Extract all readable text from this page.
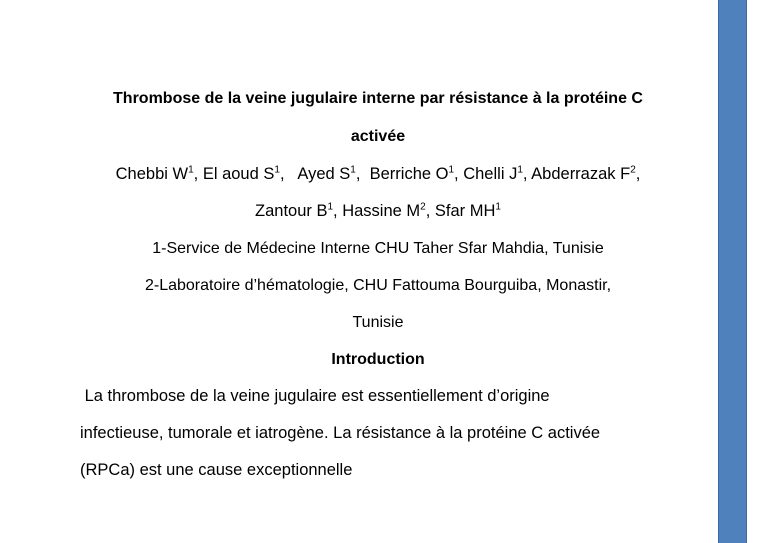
Thrombose de la veine jugulaire interne par résistance à la protéine C
activée

Chebbi $W^1$, El aoud $S^1$,   Ayed $S^1$,  Berriche $O^1$, Chelli $J^1$, Abderrazak $F^2$,
Zantour $B^1$, Hassine $M^2$, Sfar $MH^1$

1-Service de Médecine Interne CHU Taher Sfar Mahdia, Tunisie
2-Laboratoire d’hématologie, CHU Fattouma Bourguiba, Monastir,
Tunisie

Introduction

La thrombose de la veine jugulaire est essentiellement d’origine
infectieuse, tumorale et iatrogène. La résistance à la protéine C activée
(RPCa) est une cause exceptionnelle
